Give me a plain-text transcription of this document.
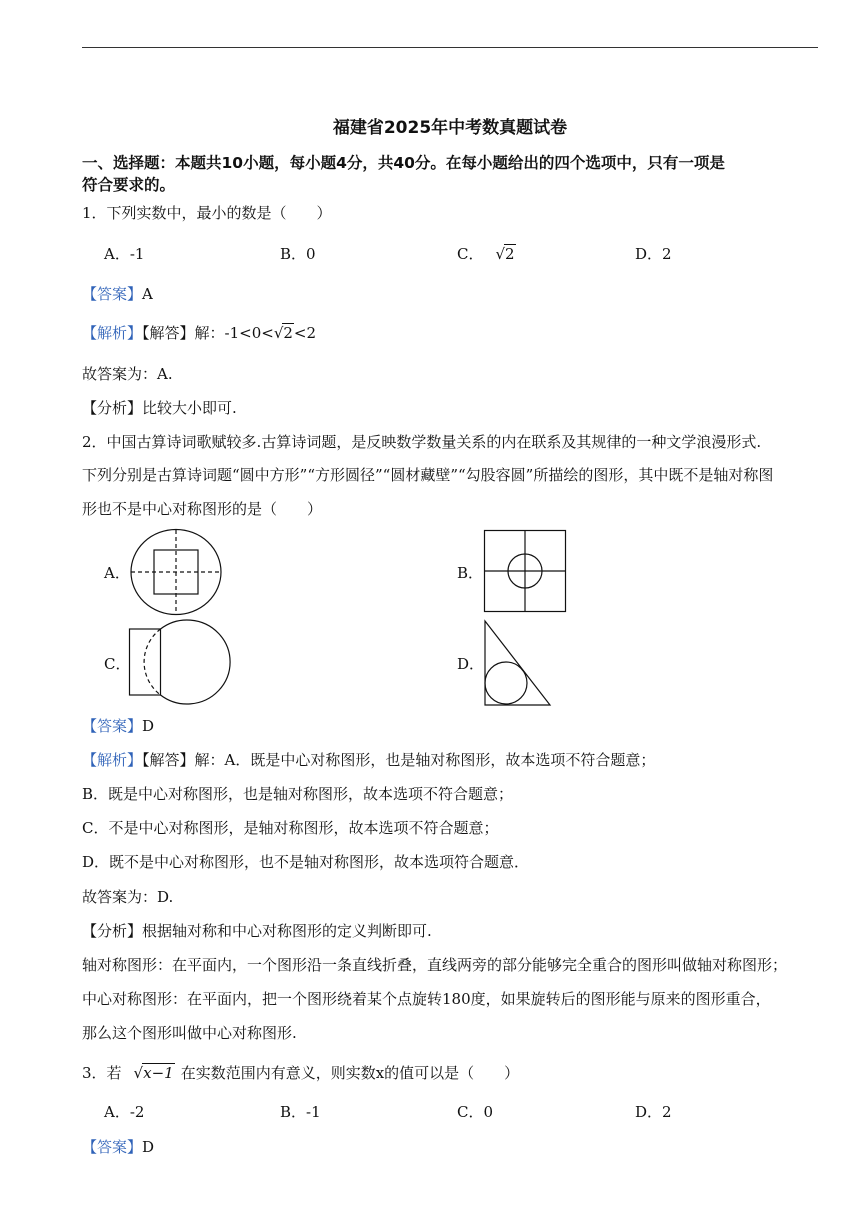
福建省2025年中考数真题试卷
一、选择题：本题共10小题，每小题4分，共40分。在每小题给出的四个选项中，只有一项是
符合要求的。
1．下列实数中，最小的数是（　　）
A．-1	B．0	C． √2	D．2
【答案】A
【解析】【解答】解：-1<0<√2<2
故答案为：A.
【分析】比较大小即可.
2．中国古算诗词歌赋较多.古算诗词题，是反映数学数量关系的内在联系及其规律的一种文学浪漫形式.
下列分别是古算诗词题“圆中方形”“方形圆径”“圆材藏壁”“勾股容圆”所描绘的图形，其中既不是轴对称图
形也不是中心对称图形的是（　　）
A．	B．
C．	D．
【答案】D
【解析】【解答】解：A．既是中心对称图形，也是轴对称图形，故本选项不符合题意；
B．既是中心对称图形，也是轴对称图形，故本选项不符合题意；
C．不是中心对称图形，是轴对称图形，故本选项不符合题意；
D．既不是中心对称图形，也不是轴对称图形，故本选项符合题意．
故答案为：D.
【分析】根据轴对称和中心对称图形的定义判断即可.
轴对称图形：在平面内，一个图形沿一条直线折叠，直线两旁的部分能够完全重合的图形叫做轴对称图形；
中心对称图形：在平面内，把一个图形绕着某个点旋转180度，如果旋转后的图形能与原来的图形重合，
那么这个图形叫做中心对称图形.
3．若 √x−1 在实数范围内有意义，则实数x的值可以是（　　）
A．-2	B．-1	C．0	D．2
【答案】D
